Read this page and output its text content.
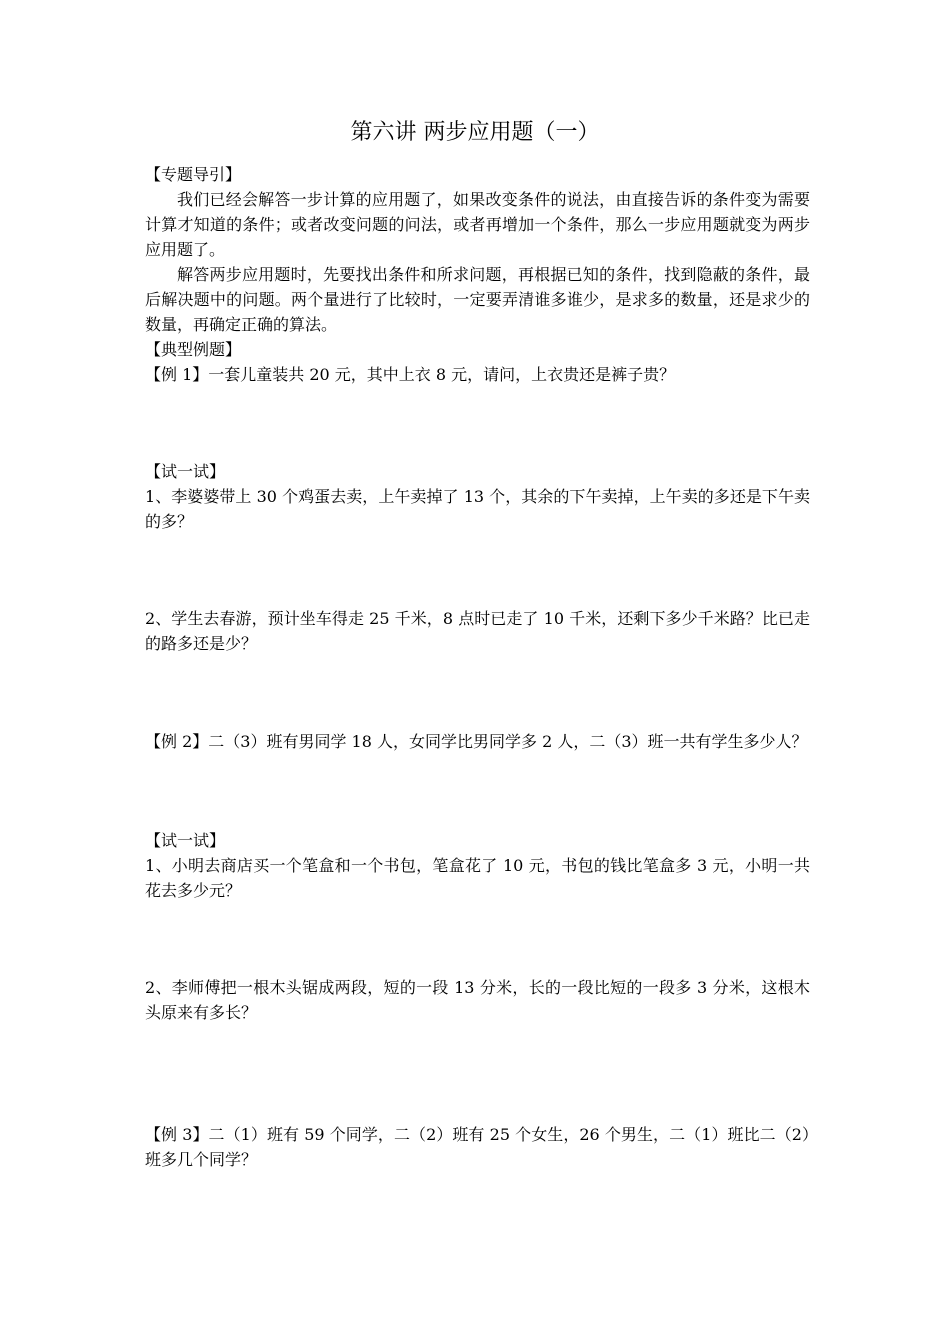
第六讲 两步应用题（一）

【专题导引】

我们已经会解答一步计算的应用题了，如果改变条件的说法，由直接告诉的条件变为需要计算才知道的条件；或者改变问题的问法，或者再增加一个条件，那么一步应用题就变为两步应用题了。

解答两步应用题时，先要找出条件和所求问题，再根据已知的条件，找到隐蔽的条件，最后解决题中的问题。两个量进行了比较时，一定要弄清谁多谁少，是求多的数量，还是求少的数量，再确定正确的算法。

【典型例题】

【例 1】一套儿童装共 20 元，其中上衣 8 元，请问，上衣贵还是裤子贵？

【试一试】

1、李婆婆带上 30 个鸡蛋去卖，上午卖掉了 13 个，其余的下午卖掉，上午卖的多还是下午卖的多？

2、学生去春游，预计坐车得走 25 千米，8 点时已走了 10 千米，还剩下多少千米路？比已走的路多还是少？

【例 2】二（3）班有男同学 18 人，女同学比男同学多 2 人，二（3）班一共有学生多少人？

【试一试】

1、小明去商店买一个笔盒和一个书包，笔盒花了 10 元，书包的钱比笔盒多 3 元，小明一共花去多少元？

2、李师傅把一根木头锯成两段，短的一段 13 分米，长的一段比短的一段多 3 分米，这根木头原来有多长？

【例 3】二（1）班有 59 个同学，二（2）班有 25 个女生，26 个男生，二（1）班比二（2）班多几个同学？
